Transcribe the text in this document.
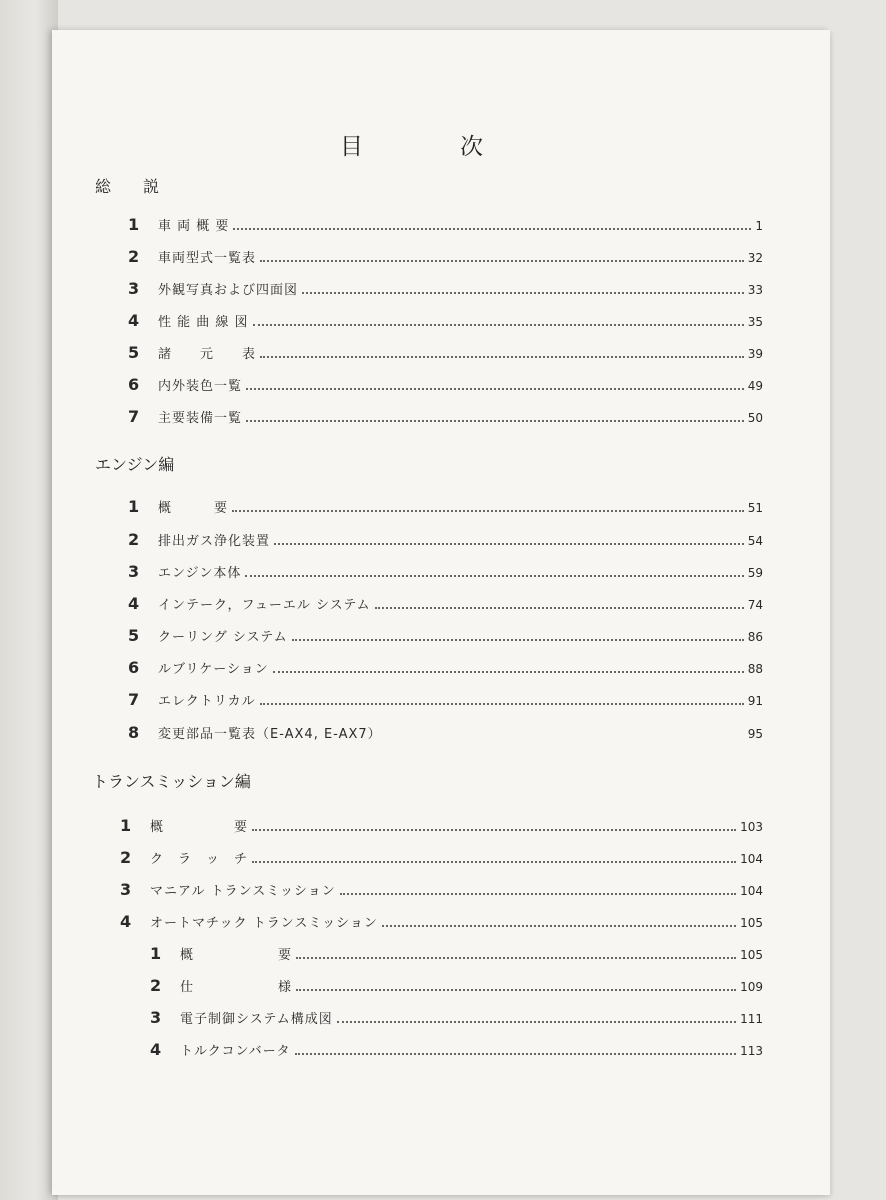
目	次
総　　説
1	車 両 概 要	1
2	車両型式一覧表	32
3	外観写真および四面図	33
4	性 能 曲 線 図	35
5	諸　　元　　表	39
6	内外装色一覧	49
7	主要装備一覧	50
エンジン編
1	概　　　要	51
2	排出ガス浄化装置	54
3	エンジン本体	59
4	インテーク，フューエル システム	74
5	クーリング システム	86
6	ルブリケーション	88
7	エレクトリカル	91
8	変更部品一覧表（E-AX4, E-AX7）	95
トランスミッション編
1	概　　　　　要	103
2	ク　ラ　ッ　チ	104
3	マニアル トランスミッション	104
4	オートマチック トランスミッション	105
1	概　　　　　　要	105
2	仕　　　　　　様	109
3	電子制御システム構成図	111
4	トルクコンバータ	113
